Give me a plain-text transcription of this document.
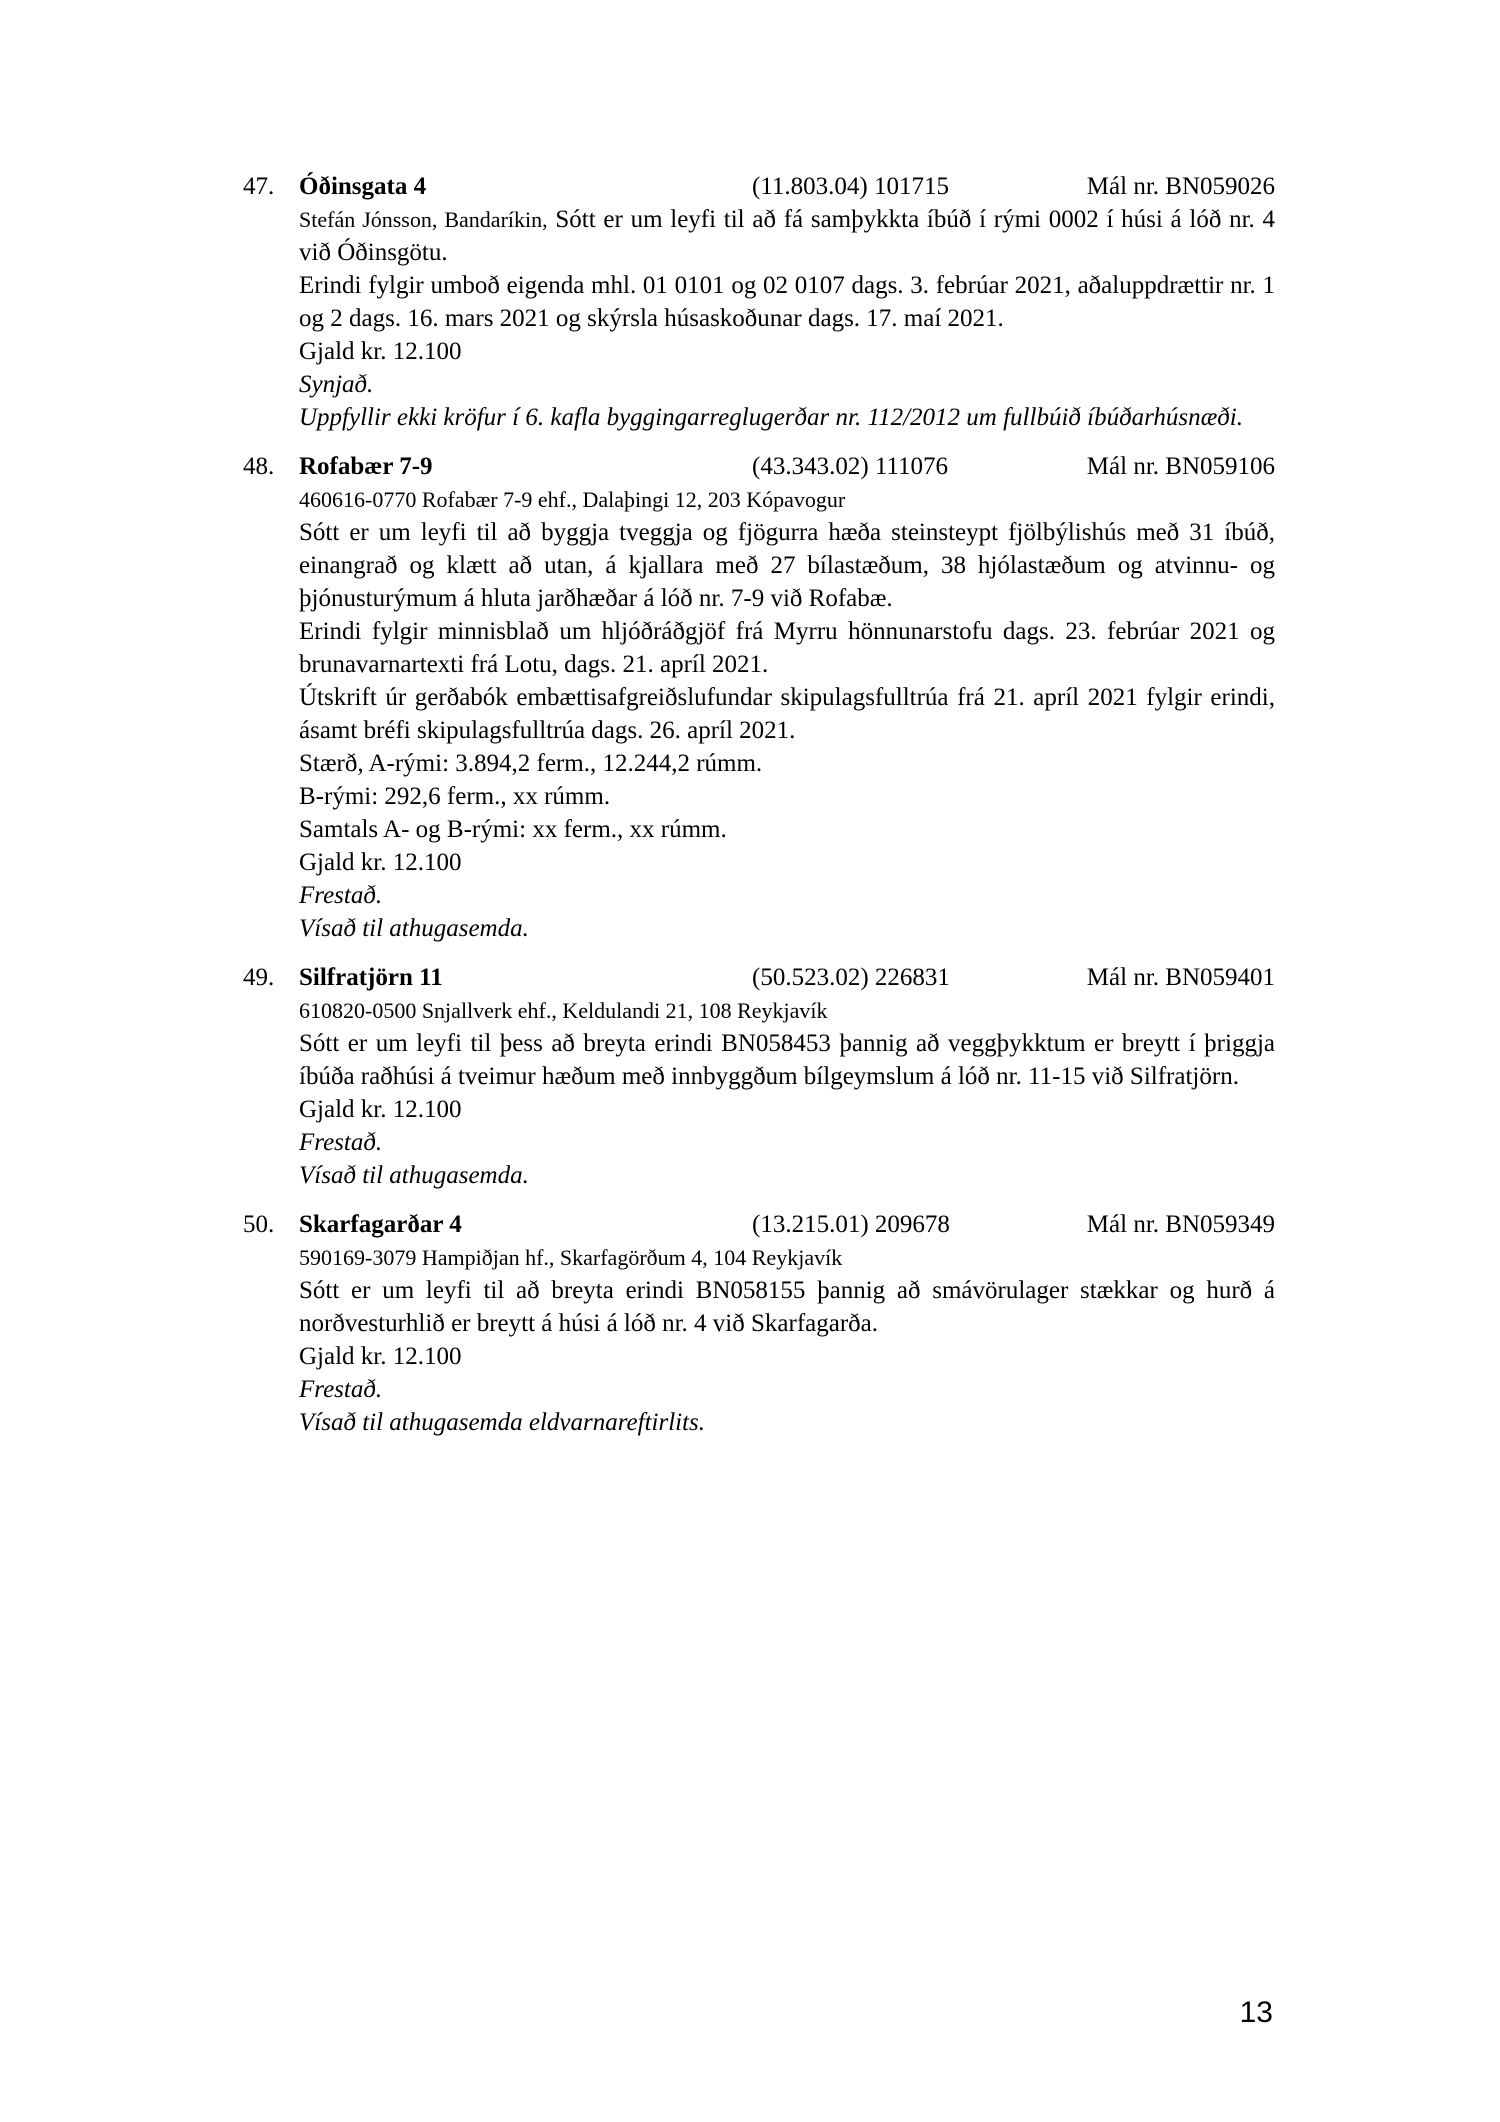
47. Óðinsgata 4	(11.803.04) 101715	Mál nr. BN059026

Stefán Jónsson, Bandaríkin, Sótt er um leyfi til að fá samþykkta íbúð í rými 0002 í húsi á lóð nr. 4 við Óðinsgötu.

Erindi fylgir umboð eigenda mhl. 01 0101 og 02 0107 dags. 3. febrúar 2021, aðaluppdrættir nr. 1 og 2 dags. 16. mars 2021 og skýrsla húsaskoðunar dags. 17. maí 2021.

Gjald kr. 12.100

Synjað.

Uppfyllir ekki kröfur í 6. kafla byggingarreglugerðar nr. 112/2012 um fullbúið íbúðarhúsnæði.

48. Rofabær 7-9	(43.343.02) 111076	Mál nr. BN059106

460616-0770 Rofabær 7-9 ehf., Dalaþingi 12, 203 Kópavogur

Sótt er um leyfi til að byggja tveggja og fjögurra hæða steinsteypt fjölbýlishús með 31 íbúð, einangrað og klætt að utan, á kjallara með 27 bílastæðum, 38 hjólastæðum og atvinnu- og þjónusturýmum á hluta jarðhæðar á lóð nr. 7-9 við Rofabæ.

Erindi fylgir minnisblað um hljóðráðgjöf frá Myrru hönnunarstofu dags. 23. febrúar 2021 og brunavarnartexti frá Lotu, dags. 21. apríl 2021.

Útskrift úr gerðabók embættisafgreiðslufundar skipulagsfulltrúa frá 21. apríl 2021 fylgir erindi, ásamt bréfi skipulagsfulltrúa dags. 26. apríl 2021.

Stærð, A-rými: 3.894,2 ferm., 12.244,2 rúmm.

B-rými: 292,6 ferm., xx rúmm.

Samtals A- og B-rými: xx ferm., xx rúmm.

Gjald kr. 12.100

Frestað.

Vísað til athugasemda.

49. Silfratjörn 11	(50.523.02) 226831	Mál nr. BN059401

610820-0500 Snjallverk ehf., Keldulandi 21, 108 Reykjavík

Sótt er um leyfi til þess að breyta erindi BN058453 þannig að veggþykktum er breytt í þriggja íbúða raðhúsi á tveimur hæðum með innbyggðum bílgeymslum á lóð nr. 11-15 við Silfratjörn.

Gjald kr. 12.100

Frestað.

Vísað til athugasemda.

50. Skarfagarðar 4	(13.215.01) 209678	Mál nr. BN059349

590169-3079 Hampiðjan hf., Skarfagörðum 4, 104 Reykjavík

Sótt er um leyfi til að breyta erindi BN058155 þannig að smávörulager stækkar og hurð á norðvesturhlið er breytt á húsi á lóð nr. 4 við Skarfagarða.

Gjald kr. 12.100

Frestað.

Vísað til athugasemda eldvarnareftirlits.

13
